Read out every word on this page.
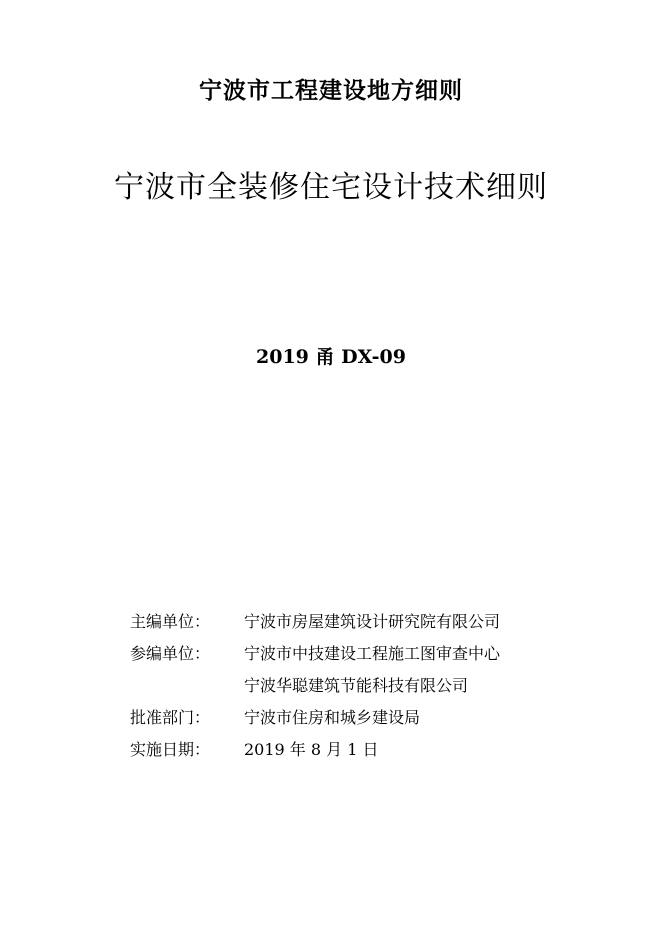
宁波市工程建设地方细则
宁波市全装修住宅设计技术细则
2019 甬 DX-09
主编单位： 宁波市房屋建筑设计研究院有限公司
参编单位： 宁波市中技建设工程施工图审查中心
宁波华聪建筑节能科技有限公司
批准部门： 宁波市住房和城乡建设局
实施日期： 2019 年 8 月 1 日
